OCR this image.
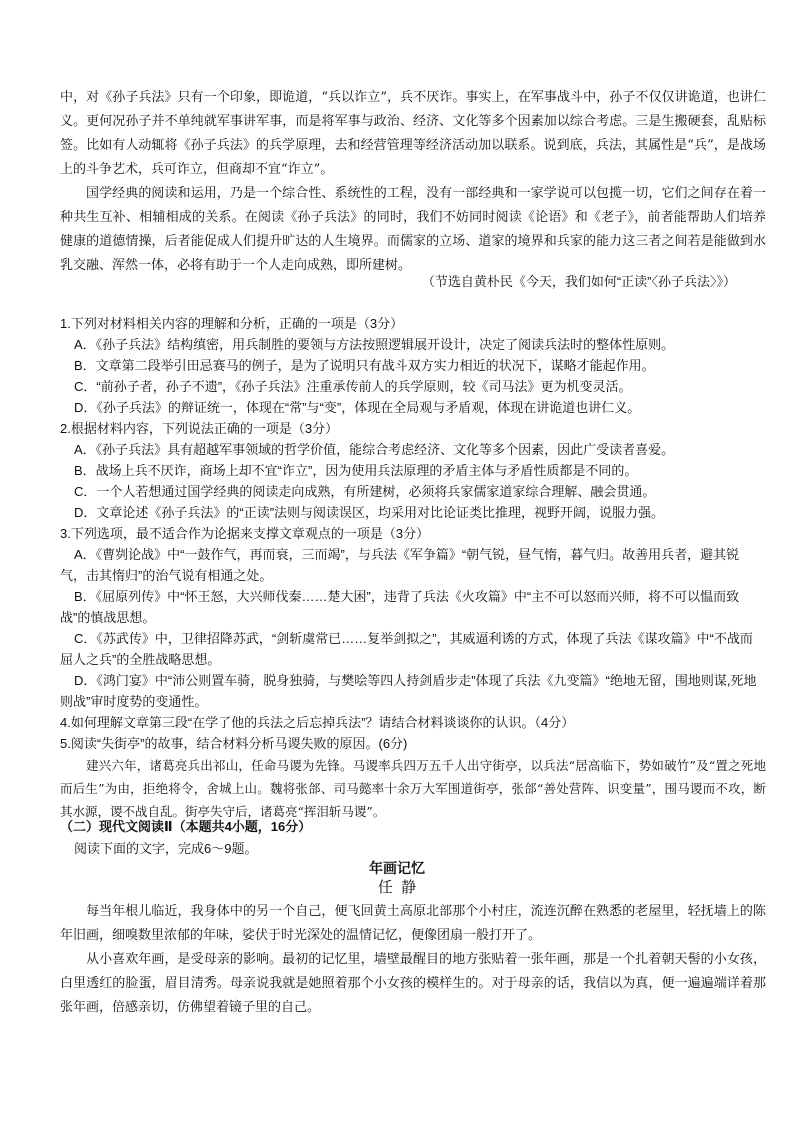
中，对《孙子兵法》只有一个印象，即诡道，“兵以诈立”，兵不厌诈。事实上，在军事战斗中，孙子不仅仅讲诡道，也讲仁义。更何况孙子并不单纯就军事讲军事，而是将军事与政治、经济、文化等多个因素加以综合考虑。三是生搬硬套，乱贴标签。比如有人动辄将《孙子兵法》的兵学原理，去和经营管理等经济活动加以联系。说到底，兵法，其属性是“兵”，是战场上的斗争艺术，兵可诈立，但商却不宜“诈立”。

国学经典的阅读和运用，乃是一个综合性、系统性的工程，没有一部经典和一家学说可以包揽一切，它们之间存在着一种共生互补、相辅相成的关系。在阅读《孙子兵法》的同时，我们不妨同时阅读《论语》和《老子》，前者能帮助人们培养健康的道德情操，后者能促成人们提升旷达的人生境界。而儒家的立场、道家的境界和兵家的能力这三者之间若是能做到水乳交融、浑然一体，必将有助于一个人走向成熟，即所建树。

（节选自黄朴民《今天，我们如何“正读”〈孙子兵法〉》）

1.下列对材料相关内容的理解和分析，正确的一项是（3分）

A．《孙子兵法》结构缜密，用兵制胜的要领与方法按照逻辑展开设计，决定了阅读兵法时的整体性原则。

B．文章第二段举引田忌赛马的例子，是为了说明只有战斗双方实力相近的状况下，谋略才能起作用。

C．“前孙子者，孙子不遗”，《孙子兵法》注重承传前人的兵学原则，较《司马法》更为机变灵活。

D．《孙子兵法》的辩证统一，体现在“常”与“变”，体现在全局观与矛盾观，体现在讲诡道也讲仁义。

2.根据材料内容，下列说法正确的一项是（3分）

A．《孙子兵法》具有超越军事领域的哲学价值，能综合考虑经济、文化等多个因素，因此广受读者喜爱。

B．战场上兵不厌诈，商场上却不宜“诈立”，因为使用兵法原理的矛盾主体与矛盾性质都是不同的。

C．一个人若想通过国学经典的阅读走向成熟，有所建树，必须将兵家儒家道家综合理解、融会贯通。

D．文章论述《孙子兵法》的“正读”法则与阅读误区，均采用对比论证类比推理，视野开阔，说服力强。

3.下列选项，最不适合作为论据来支撑文章观点的一项是（3分）

A．《曹刿论战》中“一鼓作气，再而衰，三而竭”，与兵法《军争篇》“朝气锐，昼气惰，暮气归。故善用兵者，避其锐气，击其惰归”的治气说有相通之处。

B．《屈原列传》中“怀王怒，大兴师伐秦……楚大困”，违背了兵法《火攻篇》中“主不可以怒而兴师，将不可以愠而致战”的慎战思想。

C．《苏武传》中，卫律招降苏武，“剑斩虞常已……复举剑拟之”，其威逼利诱的方式，体现了兵法《谋攻篇》中“不战而屈人之兵”的全胜战略思想。

D．《鸿门宴》中“沛公则置车骑，脱身独骑，与樊哙等四人持剑盾步走”体现了兵法《九变篇》“绝地无留，围地则谋,死地则战”审时度势的变通性。

4.如何理解文章第三段“在学了他的兵法之后忘掉兵法”？请结合材料谈谈你的认识。（4分）

5.阅读“失街亭”的故事，结合材料分析马谡失败的原因。(6分)

建兴六年，诸葛亮兵出祁山，任命马谡为先锋。马谡率兵四万五千人出守街亭，以兵法“居高临下，势如破竹”及“置之死地而后生”为由，拒绝将令，舍城上山。魏将张郃、司马懿率十余万大军围道街亭，张郃“善处营阵、识变量”，围马谡而不攻，断其水源，谡不战自乱。街亭失守后，诸葛亮“挥泪斩马谡”。

（二）现代文阅读Ⅱ（本题共4小题，16分）

阅读下面的文字，完成6～9题。

年画记忆

任  静

每当年根儿临近，我身体中的另一个自己，便飞回黄土高原北部那个小村庄，流连沉醉在熟悉的老屋里，轻抚墙上的陈年旧画，细嗅数里浓郁的年味，娑伏于时光深处的温情记忆，便像团扇一般打开了。

从小喜欢年画，是受母亲的影响。最初的记忆里，墙壁最醒目的地方张贴着一张年画，那是一个扎着朝天髻的小女孩，白里透红的脸蛋，眉目清秀。母亲说我就是她照着那个小女孩的模样生的。对于母亲的话，我信以为真，便一遍遍端详着那张年画，倍感亲切，仿佛望着镜子里的自己。
